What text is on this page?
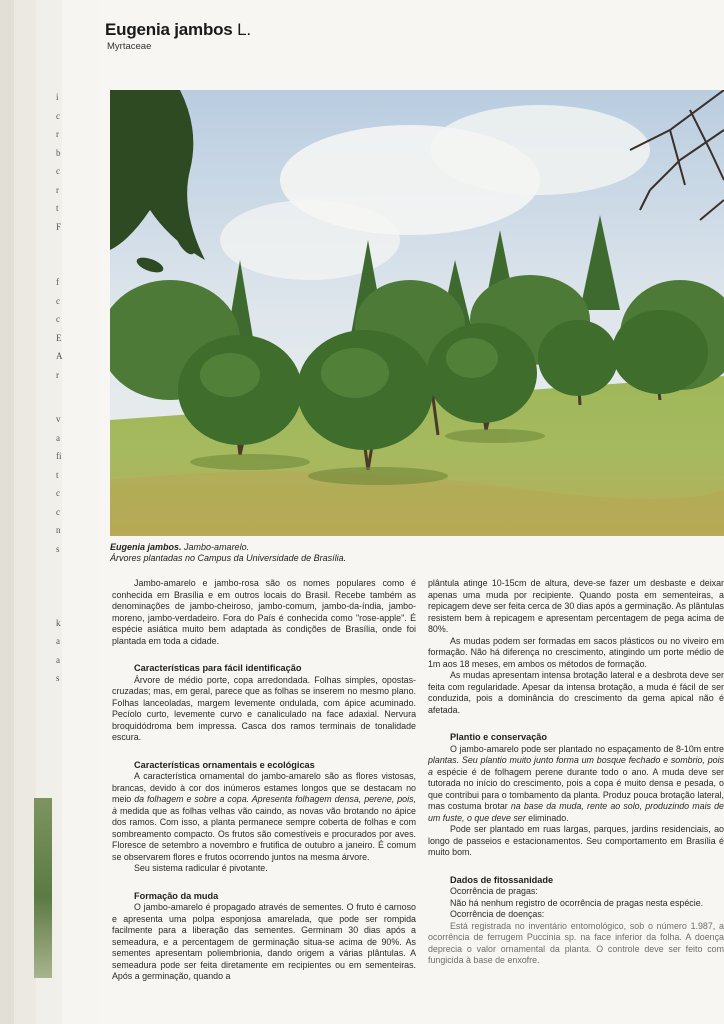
i
c
r
b
c
r
t
F

f
c
c
E
A
r
v
a
fi
t
c
c
n
s

k
a
a
s
Eugenia jambos L.
Myrtaceae
Eugenia jambos. Jambo-amarelo.
Árvores plantadas no Campus da Universidade de Brasília.

Jambo-amarelo e jambo-rosa são os nomes populares como é conhecida em Brasília e em outros locais do Brasil. Recebe também as denominações de jambo-cheiroso, jambo-comum, jambo-da-índia, jambo-moreno, jambo-verdadeiro. Fora do País é conhecida como "rose-apple". É espécie asiática muito bem adaptada às condições de Brasília, onde foi plantada em toda a cidade.

Características para fácil identificação

Árvore de médio porte, copa arredondada. Folhas simples, opostas-cruzadas; mas, em geral, parece que as folhas se inserem no mesmo plano. Folhas lanceoladas, margem levemente ondulada, com ápice acuminado. Pecíolo curto, levemente curvo e canaliculado na face adaxial. Nervura broquidódroma bem impressa. Casca dos ramos terminais de tonalidade escura.

Características ornamentais e ecológicas

A característica ornamental do jambo-amarelo são as flores vistosas, brancas, devido à cor dos inúmeros estames longos que se destacam no meio da folhagem e sobre a copa. Apresenta folhagem densa, perene, pois, à medida que as folhas velhas vão caindo, as novas vão brotando no ápice dos ramos. Com isso, a planta permanece sempre coberta de folhas e com sombreamento compacto. Os frutos são comestíveis e procurados por aves. Floresce de setembro a novembro e frutifica de outubro a janeiro. É comum se observarem flores e frutos ocorrendo juntos na mesma árvore.

Seu sistema radicular é pivotante.

Formação da muda

O jambo-amarelo é propagado através de sementes. O fruto é carnoso e apresenta uma polpa esponjosa amarelada, que pode ser rompida facilmente para a liberação das sementes. Germinam 30 dias após a semeadura, e a percentagem de germinação situa-se acima de 90%. As sementes apresentam poliembrionia, dando origem a várias plântulas. A semeadura pode ser feita diretamente em recipientes ou em sementeiras. Após a germinação, quando a

plântula atinge 10-15cm de altura, deve-se fazer um desbaste e deixar apenas uma muda por recipiente. Quando posta em sementeiras, a repicagem deve ser feita cerca de 30 dias após a germinação. As plântulas resistem bem à repicagem e apresentam percentagem de pega acima de 80%.

As mudas podem ser formadas em sacos plásticos ou no viveiro em formação. Não há diferença no crescimento, atingindo um porte médio de 1m aos 18 meses, em ambos os métodos de formação.

As mudas apresentam intensa brotação lateral e a desbrota deve ser feita com regularidade. Apesar da intensa brotação, a muda é fácil de ser conduzida, pois a dominância do crescimento da gema apical não é afetada.

Plantio e conservação

O jambo-amarelo pode ser plantado no espaçamento de 8-10m entre plantas. Seu plantio muito junto forma um bosque fechado e sombrio, pois a espécie é de folhagem perene durante todo o ano. A muda deve ser tutorada no início do crescimento, pois a copa é muito densa e pesada, o que contribui para o tombamento da planta. Produz pouca brotação lateral, mas costuma brotar na base da muda, rente ao solo, produzindo mais de um fuste, o que deve ser eliminado.

Pode ser plantado em ruas largas, parques, jardins residenciais, ao longo de passeios e estacionamentos. Seu comportamento em Brasília é muito bom.

Dados de fitossanidade

Ocorrência de pragas:

Não há nenhum registro de ocorrência de pragas nesta espécie.

Ocorrência de doenças:

Está registrada no inventário entomológico, sob o número 1.987, a ocorrência de ferrugem Puccinia sp. na face inferior da folha. A doença deprecia o valor ornamental da planta. O controle deve ser feito com fungicida à base de enxofre.
